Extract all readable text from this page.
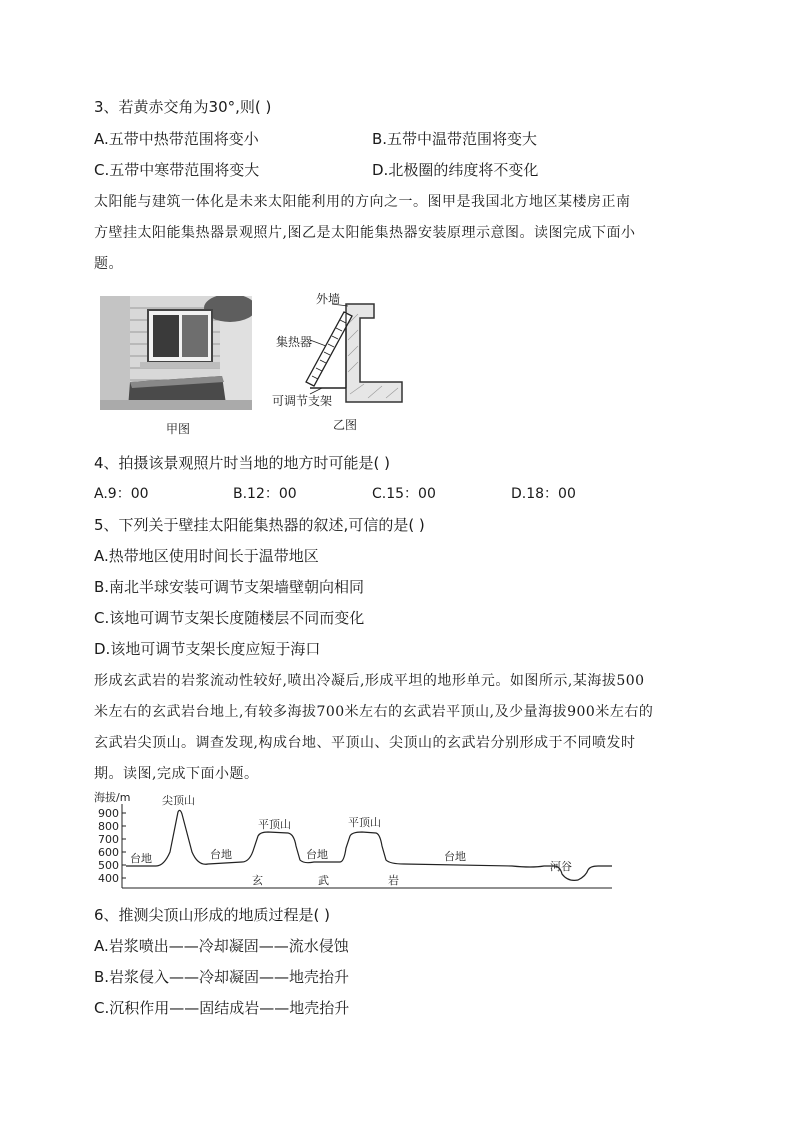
3、若黄赤交角为30°,则( )
A.五带中热带范围将变小	B.五带中温带范围将变大
C.五带中寒带范围将变大	D.北极圈的纬度将不变化
太阳能与建筑一体化是未来太阳能利用的方向之一。图甲是我国北方地区某楼房正南
方壁挂太阳能集热器景观照片,图乙是太阳能集热器安装原理示意图。读图完成下面小
题。
甲图
外墙
集热器
可调节支架
乙图
4、拍摄该景观照片时当地的地方时可能是( )
A.9：00	B.12：00	C.15：00	D.18：00
5、下列关于壁挂太阳能集热器的叙述,可信的是( )
A.热带地区使用时间长于温带地区
B.南北半球安装可调节支架墙壁朝向相同
C.该地可调节支架长度随楼层不同而变化
D.该地可调节支架长度应短于海口
形成玄武岩的岩浆流动性较好,喷出冷凝后,形成平坦的地形单元。如图所示,某海拔500
米左右的玄武岩台地上,有较多海拔700米左右的玄武岩平顶山,及少量海拔900米左右的
玄武岩尖顶山。调查发现,构成台地、平顶山、尖顶山的玄武岩分别形成于不同喷发时
期。读图,完成下面小题。
海拔/m
900
800
700
600
500
400
尖顶山
平顶山	平顶山
台地	台地	台地	台地
河谷
玄	武	岩
6、推测尖顶山形成的地质过程是( )
A.岩浆喷出——冷却凝固——流水侵蚀
B.岩浆侵入——冷却凝固——地壳抬升
C.沉积作用——固结成岩——地壳抬升
